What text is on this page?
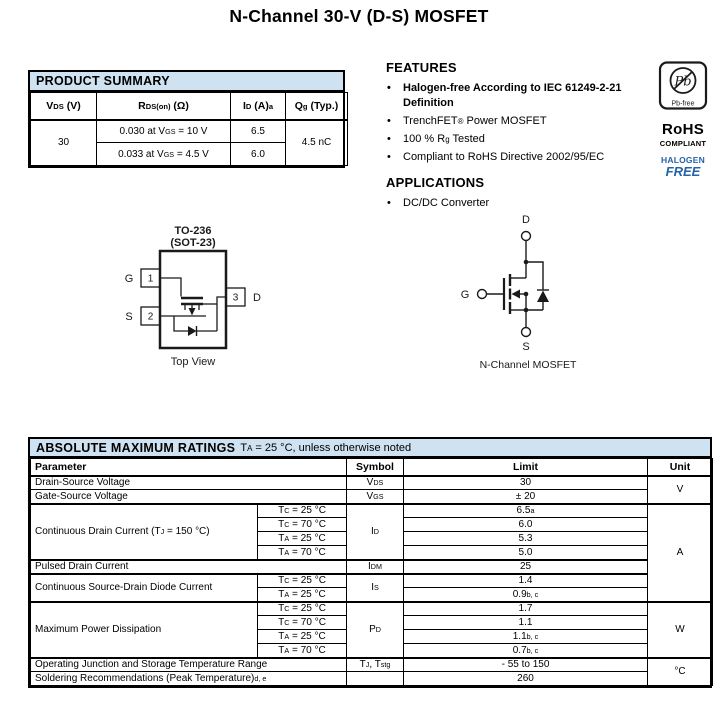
N-Channel 30-V (D-S) MOSFET
PRODUCT SUMMARY
$V_{DS}$ (V)	$R_{DS(on)}$ (Ω)	$I_D$ $(A)^a$	$Q_g$ (Typ.)
30	0.030 at $V_{GS} = 10$ V	6.5	4.5 nC
	0.033 at $V_{GS} = 4.5$ V	6.0	
FEATURES
•	Halogen-free According to IEC 61249-2-21 Definition
•	TrenchFET® Power MOSFET
•	100 % $R_g$ Tested
•	Compliant to RoHS Directive 2002/95/EC
APPLICATIONS
•	DC/DC Converter
Pb
Pb-free
RoHS
COMPLIANT
HALOGEN
FREE
TO-236
(SOT-23)
1
2
3
G
S
D
Top View
D
G
S
N-Channel MOSFET
ABSOLUTE MAXIMUM RATINGS $T_A = 25$ °C, unless otherwise noted
Parameter		Symbol	Limit	Unit
Drain-Source Voltage		$V_{DS}$	30	V
Gate-Source Voltage		$V_{GS}$	± 20	
Continuous Drain Current ($T_J = 150$ °C)	$T_C = 25$ °C	$I_D$	6.5$^a$	A
	$T_C = 70$ °C		6.0	
	$T_A = 25$ °C		5.3	
	$T_A = 70$ °C		5.0	
Pulsed Drain Current		$I_{DM}$	25	
Continuous Source-Drain Diode Current	$T_C = 25$ °C	$I_S$	1.4	
	$T_A = 25$ °C		0.9$^{b, c}$
Maximum Power Dissipation	$T_C = 25$ °C	$P_D$	1.7	W
	$T_C = 70$ °C		1.1	
	$T_A = 25$ °C		1.1$^{b, c}$
	$T_A = 70$ °C		0.7$^{b, c}$
Operating Junction and Storage Temperature Range		$T_J$, $T_{stg}$	- 55 to 150	°C
Soldering Recommendations (Peak Temperature)$^{d, e}$			260	
